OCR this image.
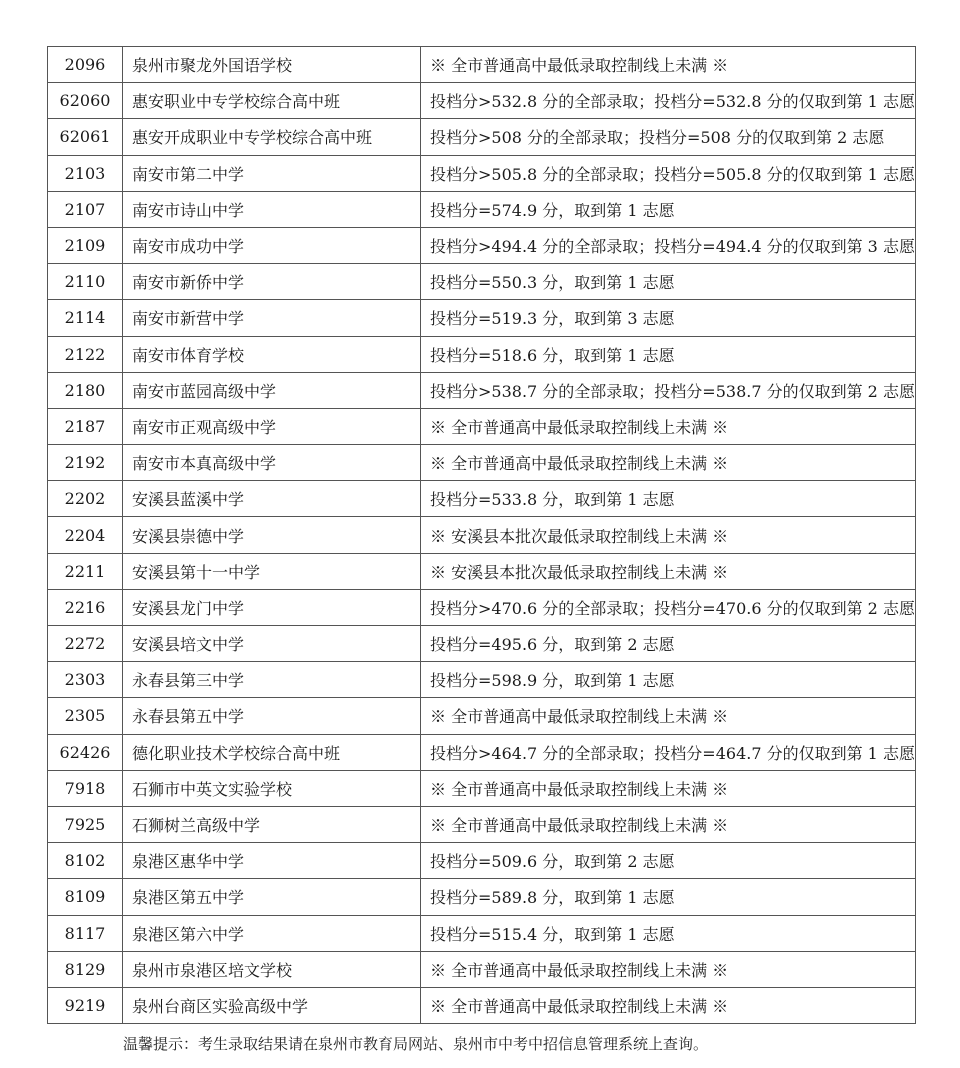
2096	泉州市聚龙外国语学校	※ 全市普通高中最低录取控制线上未满 ※
62060	惠安职业中专学校综合高中班	投档分>532.8 分的全部录取；投档分=532.8 分的仅取到第 1 志愿
62061	惠安开成职业中专学校综合高中班	投档分>508 分的全部录取；投档分=508 分的仅取到第 2 志愿
2103	南安市第二中学	投档分>505.8 分的全部录取；投档分=505.8 分的仅取到第 1 志愿
2107	南安市诗山中学	投档分=574.9 分，取到第 1 志愿
2109	南安市成功中学	投档分>494.4 分的全部录取；投档分=494.4 分的仅取到第 3 志愿
2110	南安市新侨中学	投档分=550.3 分，取到第 1 志愿
2114	南安市新营中学	投档分=519.3 分，取到第 3 志愿
2122	南安市体育学校	投档分=518.6 分，取到第 1 志愿
2180	南安市蓝园高级中学	投档分>538.7 分的全部录取；投档分=538.7 分的仅取到第 2 志愿
2187	南安市正观高级中学	※ 全市普通高中最低录取控制线上未满 ※
2192	南安市本真高级中学	※ 全市普通高中最低录取控制线上未满 ※
2202	安溪县蓝溪中学	投档分=533.8 分，取到第 1 志愿
2204	安溪县崇德中学	※ 安溪县本批次最低录取控制线上未满 ※
2211	安溪县第十一中学	※ 安溪县本批次最低录取控制线上未满 ※
2216	安溪县龙门中学	投档分>470.6 分的全部录取；投档分=470.6 分的仅取到第 2 志愿
2272	安溪县培文中学	投档分=495.6 分，取到第 2 志愿
2303	永春县第三中学	投档分=598.9 分，取到第 1 志愿
2305	永春县第五中学	※ 全市普通高中最低录取控制线上未满 ※
62426	德化职业技术学校综合高中班	投档分>464.7 分的全部录取；投档分=464.7 分的仅取到第 1 志愿
7918	石狮市中英文实验学校	※ 全市普通高中最低录取控制线上未满 ※
7925	石狮树兰高级中学	※ 全市普通高中最低录取控制线上未满 ※
8102	泉港区惠华中学	投档分=509.6 分，取到第 2 志愿
8109	泉港区第五中学	投档分=589.8 分，取到第 1 志愿
8117	泉港区第六中学	投档分=515.4 分，取到第 1 志愿
8129	泉州市泉港区培文学校	※ 全市普通高中最低录取控制线上未满 ※
9219	泉州台商区实验高级中学	※ 全市普通高中最低录取控制线上未满 ※
温馨提示：考生录取结果请在泉州市教育局网站、泉州市中考中招信息管理系统上查询。
